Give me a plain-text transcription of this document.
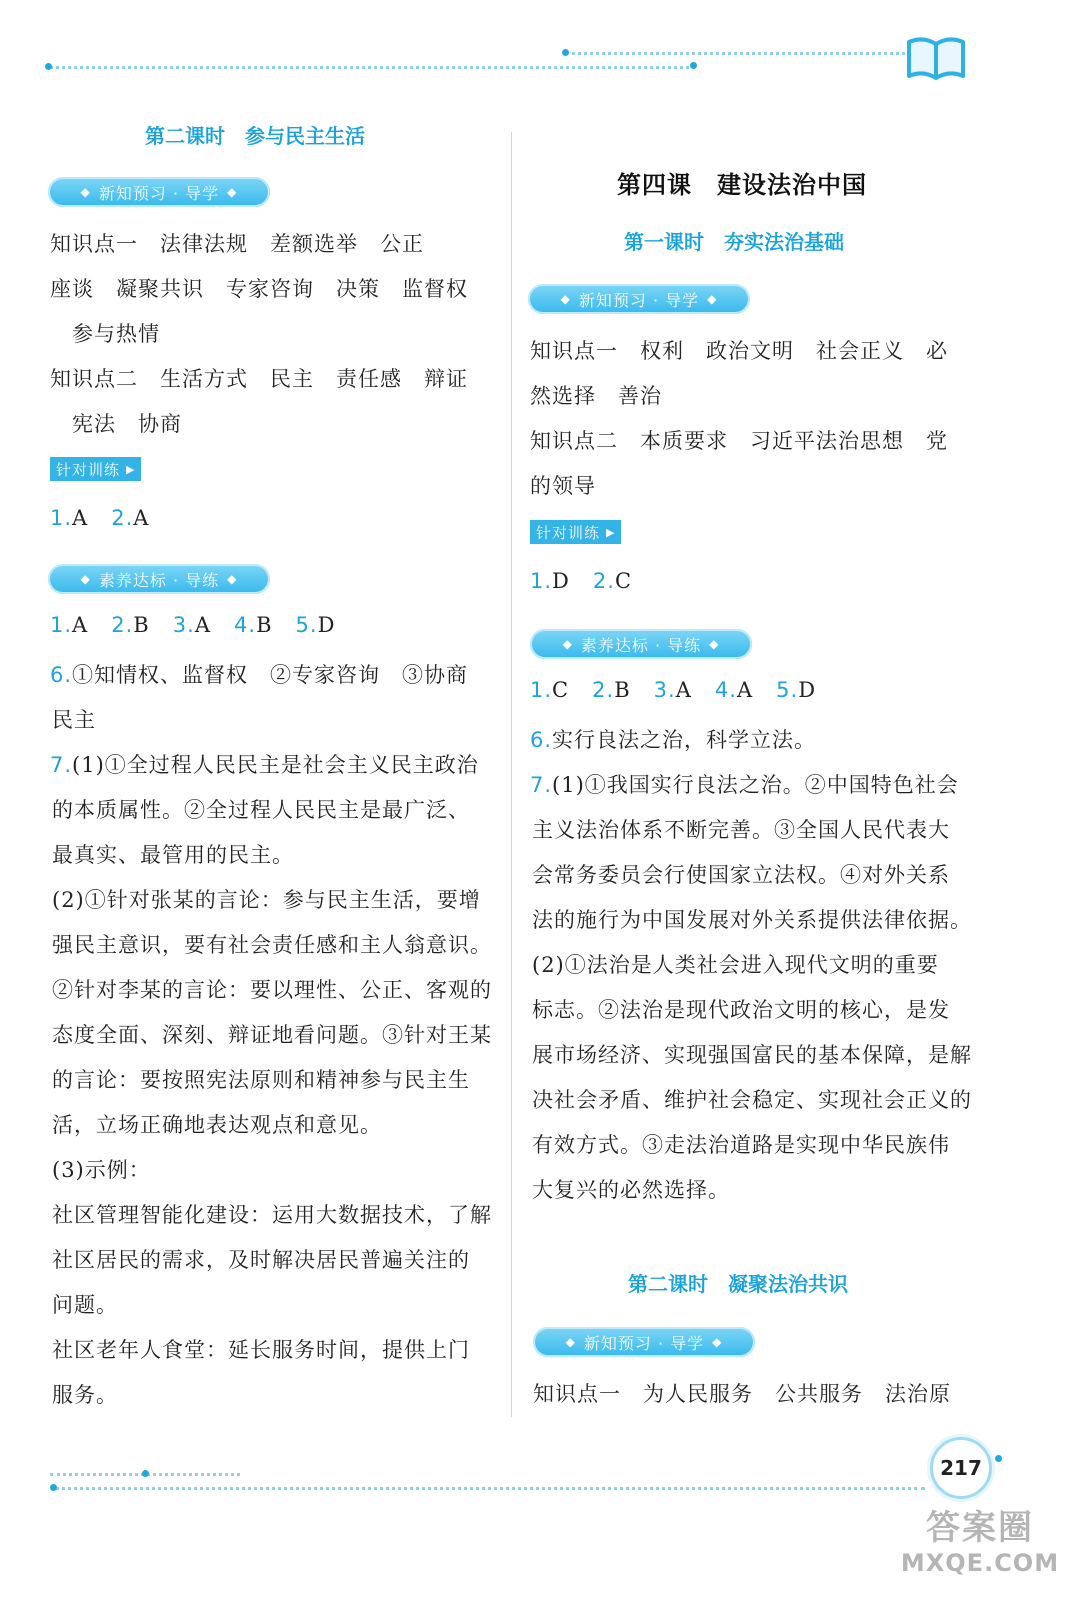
第二课时　参与民主生活
◆ 新知预习 · 导学 ◆
知识点一　法律法规　差额选举　公正
座谈　凝聚共识　专家咨询　决策　监督权
参与热情
知识点二　生活方式　民主　责任感　辩证
宪法　协商
针对训练 ▶
1.A 2.A
◆ 素养达标 · 导练 ◆
1.A 2.B 3.A 4.B 5.D
6.①知情权、监督权　②专家咨询　③协商
民主
7.(1)①全过程人民民主是社会主义民主政治
的本质属性。②全过程人民民主是最广泛、
最真实、最管用的民主。
(2)①针对张某的言论：参与民主生活，要增
强民主意识，要有社会责任感和主人翁意识。
②针对李某的言论：要以理性、公正、客观的
态度全面、深刻、辩证地看问题。③针对王某
的言论：要按照宪法原则和精神参与民主生
活，立场正确地表达观点和意见。
(3)示例：
社区管理智能化建设：运用大数据技术，了解
社区居民的需求，及时解决居民普遍关注的
问题。
社区老年人食堂：延长服务时间，提供上门
服务。
第四课　建设法治中国
第一课时　夯实法治基础
◆ 新知预习 · 导学 ◆
知识点一　权利　政治文明　社会正义　必
然选择　善治
知识点二　本质要求　习近平法治思想　党
的领导
针对训练 ▶
1.D 2.C
◆ 素养达标 · 导练 ◆
1.C 2.B 3.A 4.A 5.D
6.实行良法之治，科学立法。
7.(1)①我国实行良法之治。②中国特色社会
主义法治体系不断完善。③全国人民代表大
会常务委员会行使国家立法权。④对外关系
法的施行为中国发展对外关系提供法律依据。
(2)①法治是人类社会进入现代文明的重要
标志。②法治是现代政治文明的核心，是发
展市场经济、实现强国富民的基本保障，是解
决社会矛盾、维护社会稳定、实现社会正义的
有效方式。③走法治道路是实现中华民族伟
大复兴的必然选择。
第二课时　凝聚法治共识
◆ 新知预习 · 导学 ◆
知识点一　为人民服务　公共服务　法治原
217
答案圈
MXQE.COM
